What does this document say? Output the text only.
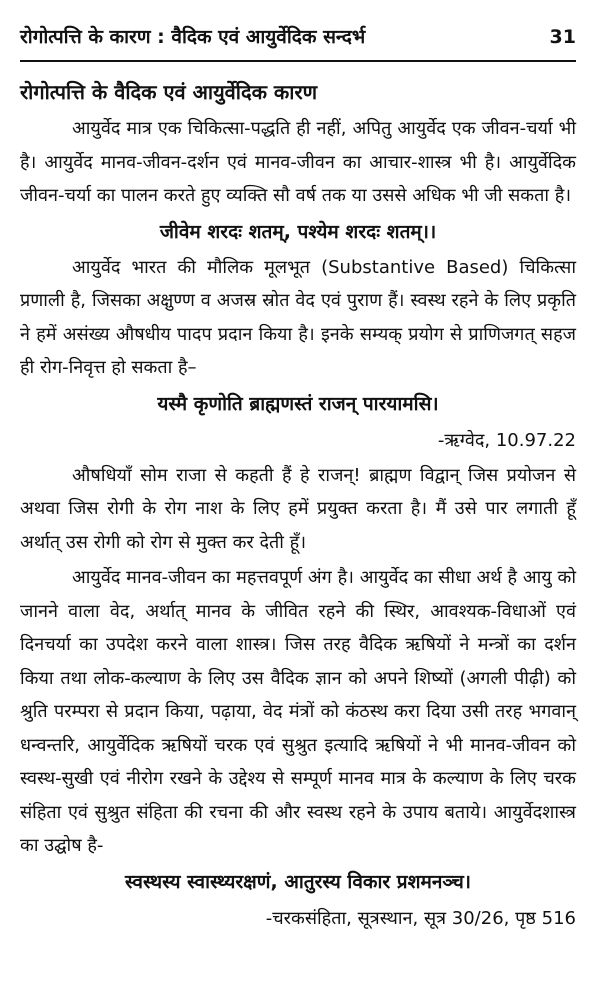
रोगोत्पत्ति के कारण : वैदिक एवं आयुर्वेदिक सन्दर्भ	31
रोगोत्पत्ति के वैदिक एवं आयुर्वेदिक कारण

आयुर्वेद मात्र एक चिकित्सा-पद्धति ही नहीं, अपितु आयुर्वेद एक जीवन-चर्या भी है। आयुर्वेद मानव-जीवन-दर्शन एवं मानव-जीवन का आचार-शास्त्र भी है। आयुर्वेदिक जीवन-चर्या का पालन करते हुए व्यक्ति सौ वर्ष तक या उससे अधिक भी जी सकता है।

जीवेम शरदः शतम्, पश्येम शरदः शतम्।।

आयुर्वेद भारत की मौलिक मूलभूत (Substantive Based) चिकित्सा प्रणाली है, जिसका अक्षुण्ण व अजस्र स्रोत वेद एवं पुराण हैं। स्वस्थ रहने के लिए प्रकृति ने हमें असंख्य औषधीय पादप प्रदान किया है। इनके सम्यक् प्रयोग से प्राणिजगत् सहज ही रोग-निवृत्त हो सकता है–

यस्मै कृणोति ब्राह्मणस्तं राजन् पारयामसि।
-ऋग्वेद, 10.97.22

औषधियाँ सोम राजा से कहती हैं हे राजन्! ब्राह्मण विद्वान् जिस प्रयोजन से अथवा जिस रोगी के रोग नाश के लिए हमें प्रयुक्त करता है। मैं उसे पार लगाती हूँ अर्थात् उस रोगी को रोग से मुक्त कर देती हूँ।

आयुर्वेद मानव-जीवन का महत्तवपूर्ण अंग है। आयुर्वेद का सीधा अर्थ है आयु को जानने वाला वेद, अर्थात् मानव के जीवित रहने की स्थिर, आवश्यक-विधाओं एवं दिनचर्या का उपदेश करने वाला शास्त्र। जिस तरह वैदिक ऋषियों ने मन्त्रों का दर्शन किया तथा लोक-कल्याण के लिए उस वैदिक ज्ञान को अपने शिष्यों (अगली पीढ़ी) को श्रुति परम्परा से प्रदान किया, पढ़ाया, वेद मंत्रों को कंठस्थ करा दिया उसी तरह भगवान् धन्वन्तरि, आयुर्वेदिक ऋषियों चरक एवं सुश्रुत इत्यादि ऋषियों ने भी मानव-जीवन को स्वस्थ-सुखी एवं नीरोग रखने के उद्देश्य से सम्पूर्ण मानव मात्र के कल्याण के लिए चरक संहिता एवं सुश्रुत संहिता की रचना की और स्वस्थ रहने के उपाय बताये। आयुर्वेदशास्त्र का उद्घोष है-

स्वस्थस्य स्वास्थ्यरक्षणं, आतुरस्य विकार प्रशमनञ्च।
-चरकसंहिता, सूत्रस्थान, सूत्र 30/26, पृष्ठ 516
